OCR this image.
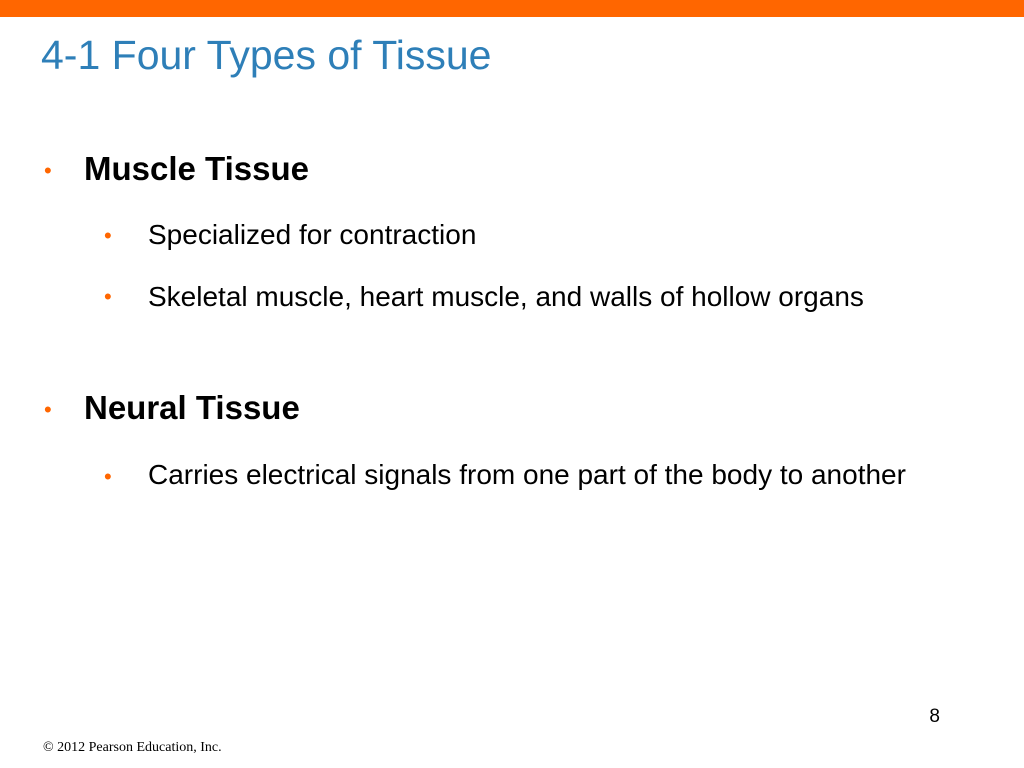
4-1 Four Types of Tissue
• Muscle Tissue
• Specialized for contraction
• Skeletal muscle, heart muscle, and walls of hollow organs
• Neural Tissue
• Carries electrical signals from one part of the body to another
8
© 2012 Pearson Education, Inc.
